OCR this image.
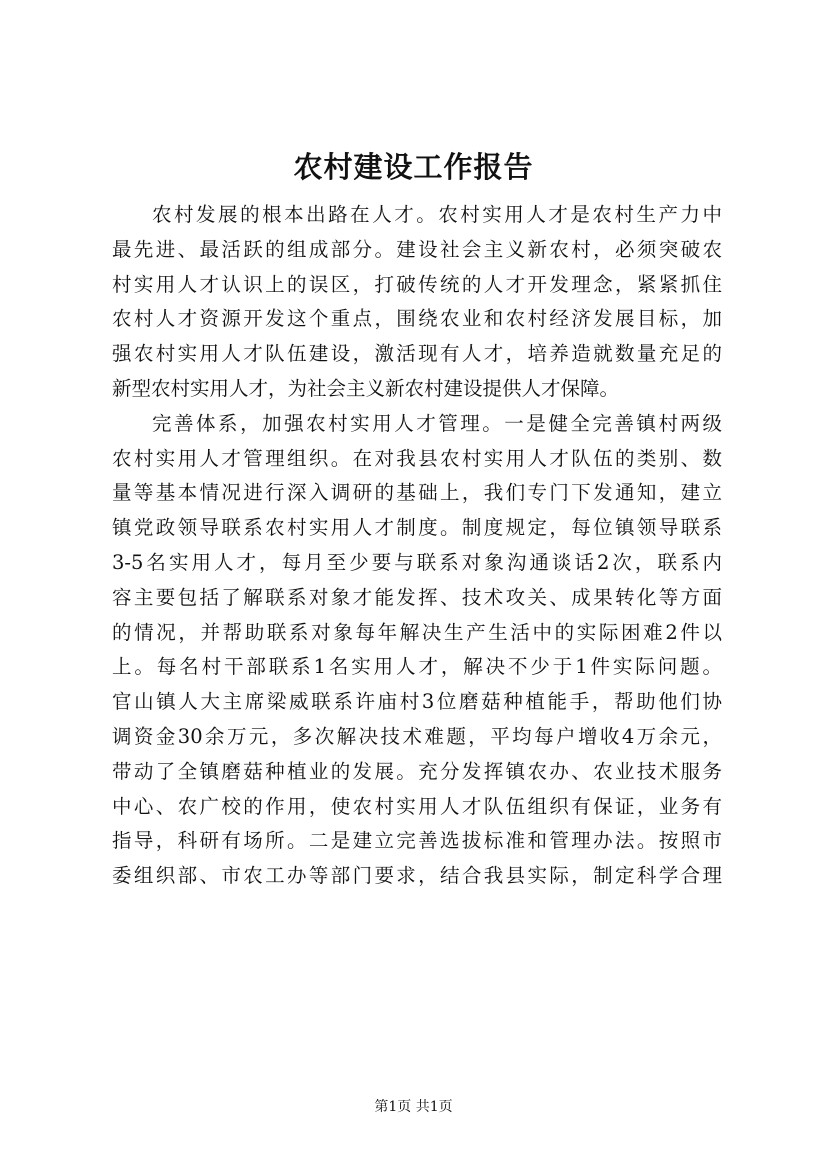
农村建设工作报告
农村发展的根本出路在人才。农村实用人才是农村生产力中
最先进、最活跃的组成部分。建设社会主义新农村，必须突破农
村实用人才认识上的误区，打破传统的人才开发理念，紧紧抓住
农村人才资源开发这个重点，围绕农业和农村经济发展目标，加
强农村实用人才队伍建设，激活现有人才，培养造就数量充足的
新型农村实用人才，为社会主义新农村建设提供人才保障。
完善体系，加强农村实用人才管理。一是健全完善镇村两级
农村实用人才管理组织。在对我县农村实用人才队伍的类别、数
量等基本情况进行深入调研的基础上，我们专门下发通知，建立
镇党政领导联系农村实用人才制度。制度规定，每位镇领导联系
3-5名实用人才，每月至少要与联系对象沟通谈话2次，联系内
容主要包括了解联系对象才能发挥、技术攻关、成果转化等方面
的情况，并帮助联系对象每年解决生产生活中的实际困难2件以
上。每名村干部联系1名实用人才，解决不少于1件实际问题。
官山镇人大主席梁威联系许庙村3位磨菇种植能手，帮助他们协
调资金30余万元，多次解决技术难题，平均每户增收4万余元，
带动了全镇磨菇种植业的发展。充分发挥镇农办、农业技术服务
中心、农广校的作用，使农村实用人才队伍组织有保证，业务有
指导，科研有场所。二是建立完善选拔标准和管理办法。按照市
委组织部、市农工办等部门要求，结合我县实际，制定科学合理
第1页 共1页
